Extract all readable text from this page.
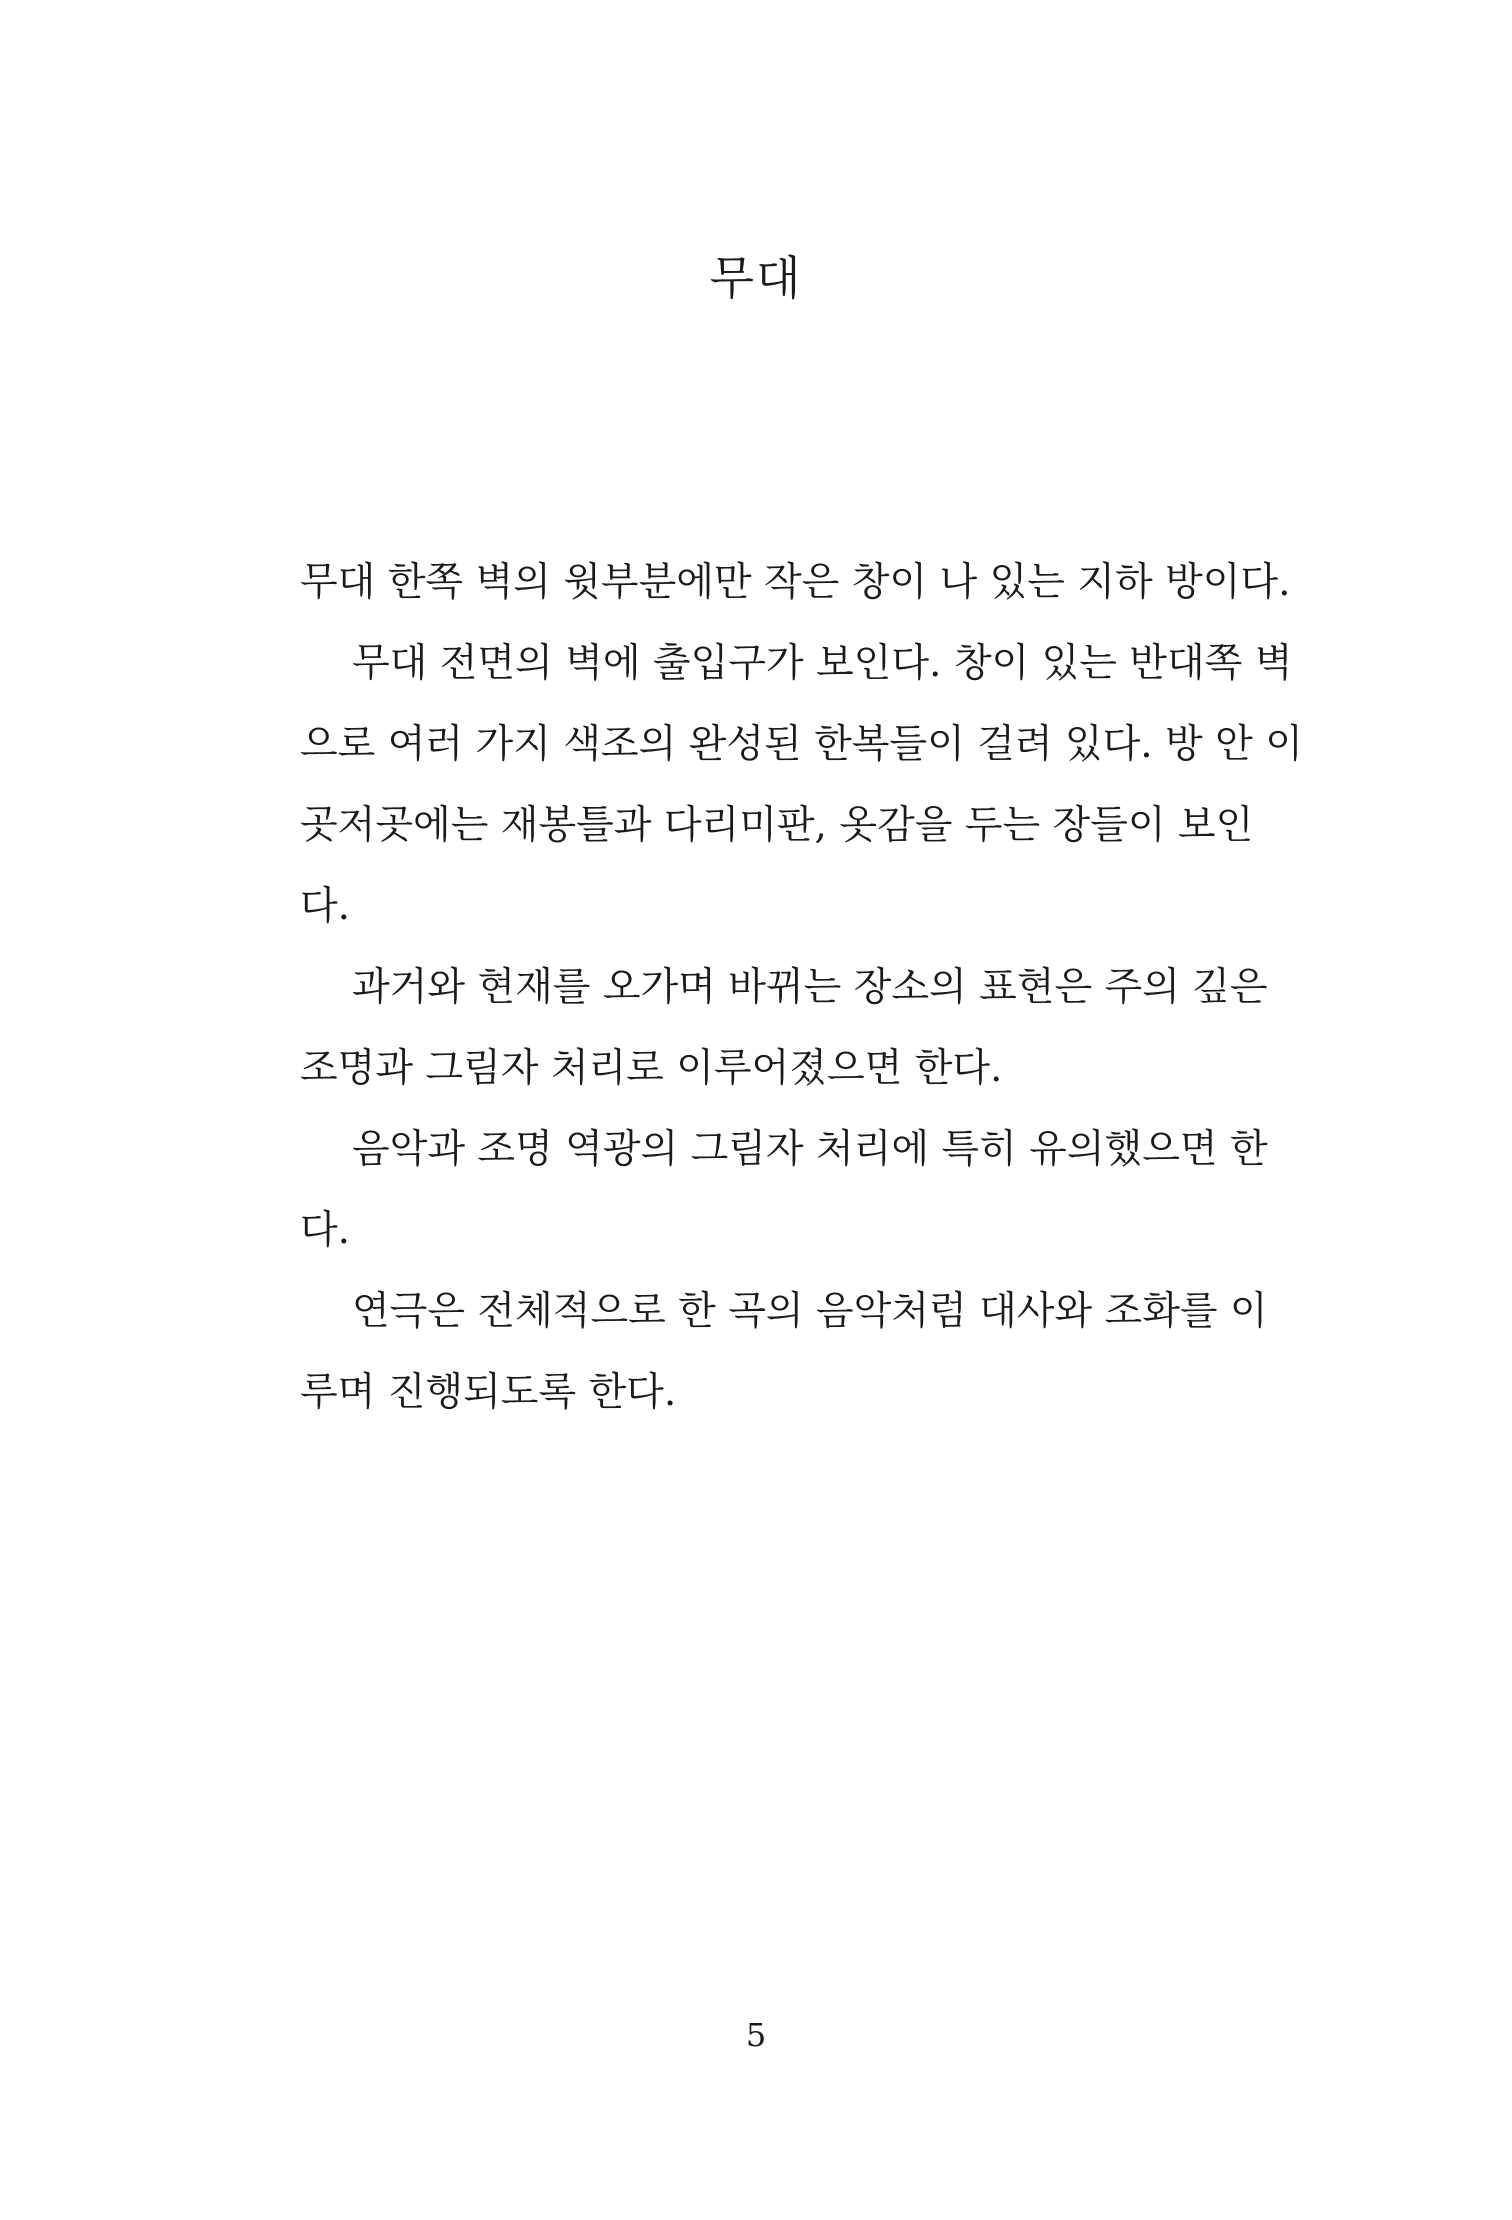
무대
무대 한쪽 벽의 윗부분에만 작은 창이 나 있는 지하 방이다.
무대 전면의 벽에 출입구가 보인다. 창이 있는 반대쪽 벽
으로 여러 가지 색조의 완성된 한복들이 걸려 있다. 방 안 이
곳저곳에는 재봉틀과 다리미판, 옷감을 두는 장들이 보인
다.
과거와 현재를 오가며 바뀌는 장소의 표현은 주의 깊은
조명과 그림자 처리로 이루어졌으면 한다.
음악과 조명 역광의 그림자 처리에 특히 유의했으면 한
다.
연극은 전체적으로 한 곡의 음악처럼 대사와 조화를 이
루며 진행되도록 한다.
5
